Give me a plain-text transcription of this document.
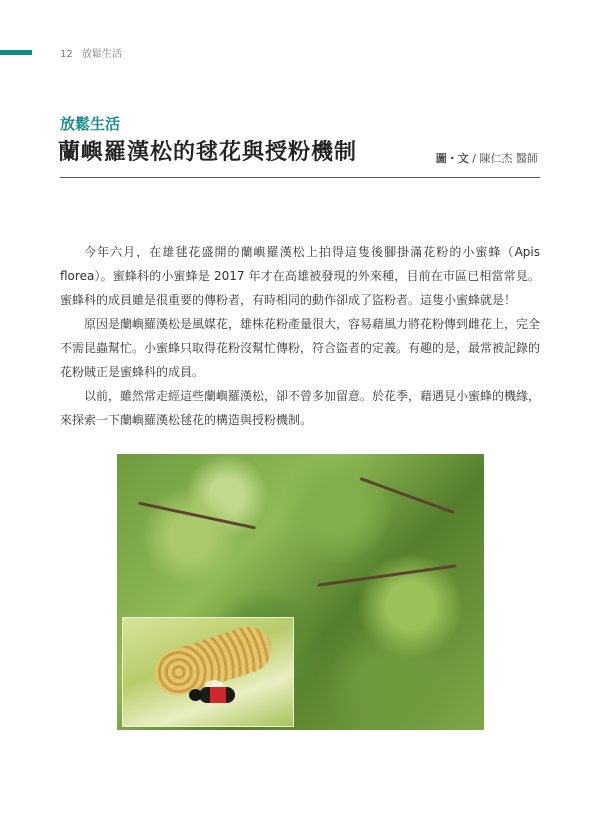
12 放鬆生活
放鬆生活
蘭嶼羅漢松的毬花與授粉機制	圖・文 / 陳仁杰 醫師

今年六月，在雄毬花盛開的蘭嶼羅漢松上拍得這隻後腳掛滿花粉的小蜜蜂（Apis florea）。蜜蜂科的小蜜蜂是 2017 年才在高雄被發現的外來種，目前在市區已相當常見。蜜蜂科的成員雖是很重要的傳粉者，有時相同的動作卻成了盜粉者。這隻小蜜蜂就是！

原因是蘭嶼羅漢松是風媒花，雄株花粉產量很大，容易藉風力將花粉傳到雌花上，完全不需昆蟲幫忙。小蜜蜂只取得花粉沒幫忙傳粉，符合盜者的定義。有趣的是，最常被記錄的花粉賊正是蜜蜂科的成員。

以前，雖然常走經這些蘭嶼羅漢松，卻不曾多加留意。於花季，藉遇見小蜜蜂的機緣，來探索一下蘭嶼羅漢松毬花的構造與授粉機制。
